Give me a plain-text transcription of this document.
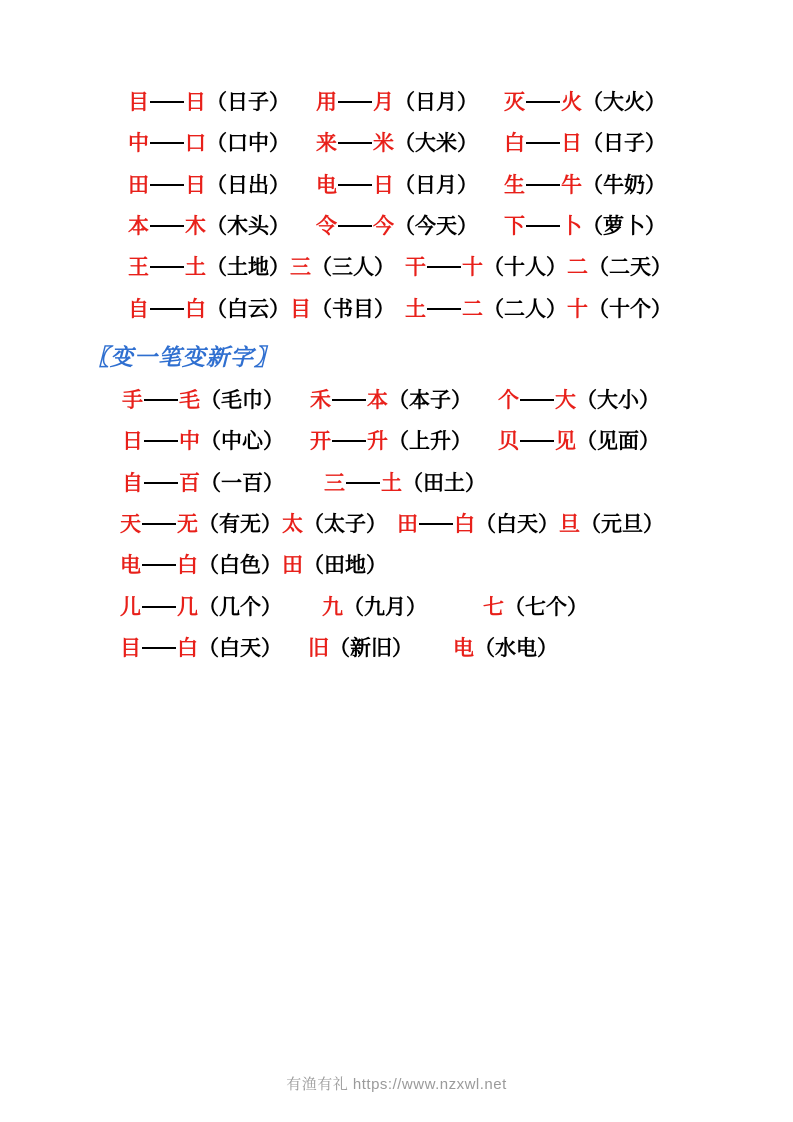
目 日 （日子） 用 月 （日月） 灭 火 （大火）
中 口 （口中） 来 米 （大米） 白 日 （日子）
田 日 （日出） 电 日 （日月） 生 牛 （牛奶）
本 木 （木头） 令 今 （今天） 下 卜 （萝卜）
王 土 （土地） 三 （三人） 干 十 （十人） 二 （二天）
自 白 （白云） 目 （书目） 土 二 （二人） 十 （十个）
〖变一笔变新字〗
手 毛 （毛巾） 禾 本 （本子） 个 大 （大小）
日 中 （中心） 开 升 （上升） 贝 见 （见面）
自 百 （一百） 三 土 （田土）
天 无 （有无） 太 （太子） 田 白 （白天） 旦 （元旦）
电 白 （白色） 田 （田地）
儿 几 （几个） 九 （九月）	七 （七个）
目 白 （白天） 旧 （新旧） 电 （水电）
有渔有礼 https://www.nzxwl.net
